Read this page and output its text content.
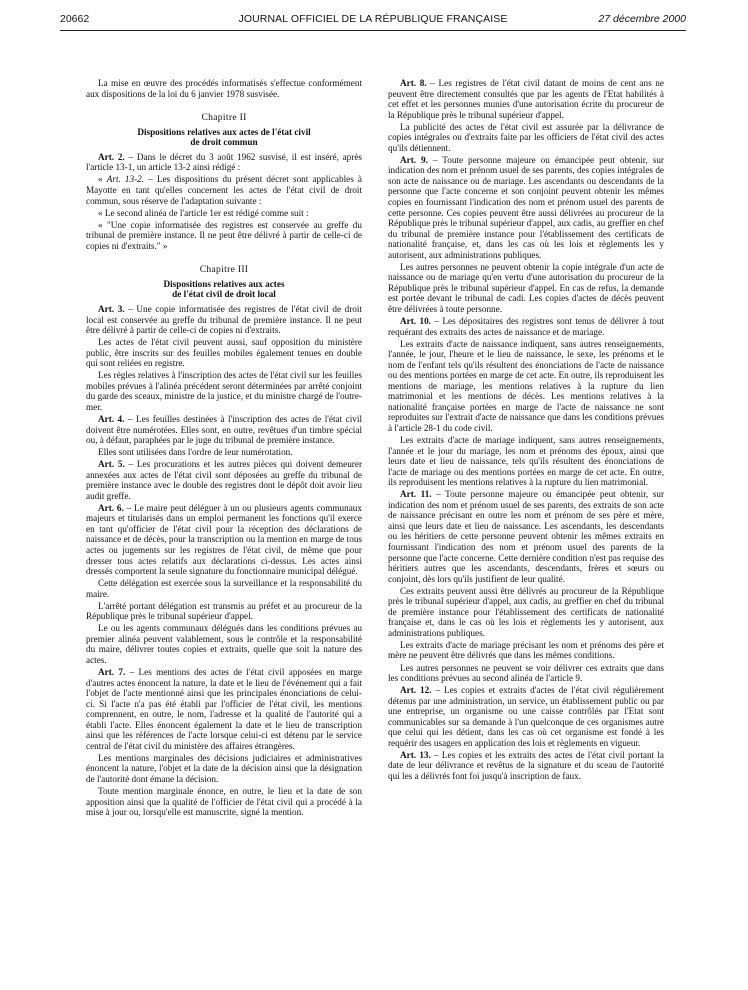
20662	JOURNAL OFFICIEL DE LA RÉPUBLIQUE FRANÇAISE	27 décembre 2000

La mise en œuvre des procédés informatisés s'effectue conformément aux dispositions de la loi du 6 janvier 1978 susvisée.

Chapitre II
Dispositions relatives aux actes de l'état civil
de droit commun

Art. 2. – Dans le décret du 3 août 1962 susvisé, il est inséré, après l'article 13-1, un article 13-2 ainsi rédigé :

« Art. 13-2. – Les dispositions du présent décret sont applicables à Mayotte en tant qu'elles concernent les actes de l'état civil de droit commun, sous réserve de l'adaptation suivante :

« Le second alinéa de l'article 1er est rédigé comme suit :

« "Une copie informatisée des registres est conservée au greffe du tribunal de première instance. Il ne peut être délivré à partir de celle-ci de copies ni d'extraits." »

Chapitre III
Dispositions relatives aux actes
de l'état civil de droit local

Art. 3. – Une copie informatisée des registres de l'état civil de droit local est conservée au greffe du tribunal de première instance. Il ne peut être délivré à partir de celle-ci de copies ni d'extraits.

Les actes de l'état civil peuvent aussi, sauf opposition du ministère public, être inscrits sur des feuilles mobiles également tenues en double qui sont reliées en registre.

Les règles relatives à l'inscription des actes de l'état civil sur les feuilles mobiles prévues à l'alinéa précédent seront déterminées par arrêté conjoint du garde des sceaux, ministre de la justice, et du ministre chargé de l'outre-mer.

Art. 4. – Les feuilles destinées à l'inscription des actes de l'état civil doivent être numérotées. Elles sont, en outre, revêtues d'un timbre spécial ou, à défaut, paraphées par le juge du tribunal de première instance.

Elles sont utilisées dans l'ordre de leur numérotation.

Art. 5. – Les procurations et les autres pièces qui doivent demeurer annexées aux actes de l'état civil sont déposées au greffe du tribunal de première instance avec le double des registres dont le dépôt doit avoir lieu audit greffe.

Art. 6. – Le maire peut déléguer à un ou plusieurs agents communaux majeurs et titularisés dans un emploi permanent les fonctions qu'il exerce en tant qu'officier de l'état civil pour la réception des déclarations de naissance et de décès, pour la transcription ou la mention en marge de tous actes ou jugements sur les registres de l'état civil, de même que pour dresser tous actes relatifs aux déclarations ci-dessus. Les actes ainsi dressés comportent la seule signature du fonctionnaire municipal délégué.

Cette délégation est exercée sous la surveillance et la responsabilité du maire.

L'arrêté portant délégation est transmis au préfet et au procureur de la République près le tribunal supérieur d'appel.

Le ou les agents communaux délégués dans les conditions prévues au premier alinéa peuvent valablement, sous le contrôle et la responsabilité du maire, délivrer toutes copies et extraits, quelle que soit la nature des actes.

Art. 7. – Les mentions des actes de l'état civil apposées en marge d'autres actes énoncent la nature, la date et le lieu de l'événement qui a fait l'objet de l'acte mentionné ainsi que les principales énonciations de celui-ci. Si l'acte n'a pas été établi par l'officier de l'état civil, les mentions comprennent, en outre, le nom, l'adresse et la qualité de l'autorité qui a établi l'acte. Elles énoncent également la date et le lieu de transcription ainsi que les références de l'acte lorsque celui-ci est détenu par le service central de l'état civil du ministère des affaires étrangères.

Les mentions marginales des décisions judiciaires et administratives énoncent la nature, l'objet et la date de la décision ainsi que la désignation de l'autorité dont émane la décision.

Toute mention marginale énonce, en outre, le lieu et la date de son apposition ainsi que la qualité de l'officier de l'état civil qui a procédé à la mise à jour ou, lorsqu'elle est manuscrite, signé la mention.

Art. 8. – Les registres de l'état civil datant de moins de cent ans ne peuvent être directement consultés que par les agents de l'Etat habilités à cet effet et les personnes munies d'une autorisation écrite du procureur de la République près le tribunal supérieur d'appel.

La publicité des actes de l'état civil est assurée par la délivrance de copies intégrales ou d'extraits faite par les officiers de l'état civil des actes qu'ils détiennent.

Art. 9. – Toute personne majeure ou émancipée peut obtenir, sur indication des nom et prénom usuel de ses parents, des copies intégrales de son acte de naissance ou de mariage. Les ascendants ou descendants de la personne que l'acte concerne et son conjoint peuvent obtenir les mêmes copies en fournissant l'indication des nom et prénom usuel des parents de cette personne. Ces copies peuvent être aussi délivrées au procureur de la République près le tribunal supérieur d'appel, aux cadis, au greffier en chef du tribunal de première instance pour l'établissement des certificats de nationalité française, et, dans les cas où les lois et règlements les y autorisent, aux administrations publiques.

Les autres personnes ne peuvent obtenir la copie intégrale d'un acte de naissance ou de mariage qu'en vertu d'une autorisation du procureur de la République près le tribunal supérieur d'appel. En cas de refus, la demande est portée devant le tribunal de cadi. Les copies d'actes de décès peuvent être délivrées à toute personne.

Art. 10. – Les dépositaires des registres sont tenus de délivrer à tout requérant des extraits des actes de naissance et de mariage.

Les extraits d'acte de naissance indiquent, sans autres renseignements, l'année, le jour, l'heure et le lieu de naissance, le sexe, les prénoms et le nom de l'enfant tels qu'ils résultent des énonciations de l'acte de naissance ou des mentions portées en marge de cet acte. En outre, ils reproduisent les mentions de mariage, les mentions relatives à la rupture du lien matrimonial et les mentions de décès. Les mentions relatives à la nationalité française portées en marge de l'acte de naissance ne sont reproduites sur l'extrait d'acte de naissance que dans les conditions prévues à l'article 28-1 du code civil.

Les extraits d'acte de mariage indiquent, sans autres renseignements, l'année et le jour du mariage, les nom et prénoms des époux, ainsi que leurs date et lieu de naissance, tels qu'ils résultent des énonciations de l'acte de mariage ou des mentions portées en marge de cet acte. En outre, ils reproduisent les mentions relatives à la rupture du lien matrimonial.

Art. 11. – Toute personne majeure ou émancipée peut obtenir, sur indication des nom et prénom usuel de ses parents, des extraits de son acte de naissance précisant en outre les nom et prénom de ses père et mère, ainsi que leurs date et lieu de naissance. Les ascendants, les descendants ou les héritiers de cette personne peuvent obtenir les mêmes extraits en fournissant l'indication des nom et prénom usuel des parents de la personne que l'acte concerne. Cette dernière condition n'est pas requise des héritiers autres que les ascendants, descendants, frères et sœurs ou conjoint, dès lors qu'ils justifient de leur qualité.

Ces extraits peuvent aussi être délivrés au procureur de la République près le tribunal supérieur d'appel, aux cadis, au greffier en chef du tribunal de première instance pour l'établissement des certificats de nationalité française et, dans le cas où les lois et règlements les y autorisent, aux administrations publiques.

Les extraits d'acte de mariage précisant les nom et prénoms des père et mère ne peuvent être délivrés que dans les mêmes conditions.

Les autres personnes ne peuvent se voir délivrer ces extraits que dans les conditions prévues au second alinéa de l'article 9.

Art. 12. – Les copies et extraits d'actes de l'état civil régulièrement détenus par une administration, un service, un établissement public ou par une entreprise, un organisme ou une caisse contrôlés par l'Etat sont communicables sur sa demande à l'un quelconque de ces organismes autre que celui qui les détient, dans les cas où cet organisme est fondé à les requérir des usagers en application des lois et règlements en vigueur.

Art. 13. – Les copies et les extraits des actes de l'état civil portant la date de leur délivrance et revêtus de la signature et du sceau de l'autorité qui les a délivrés font foi jusqu'à inscription de faux.
